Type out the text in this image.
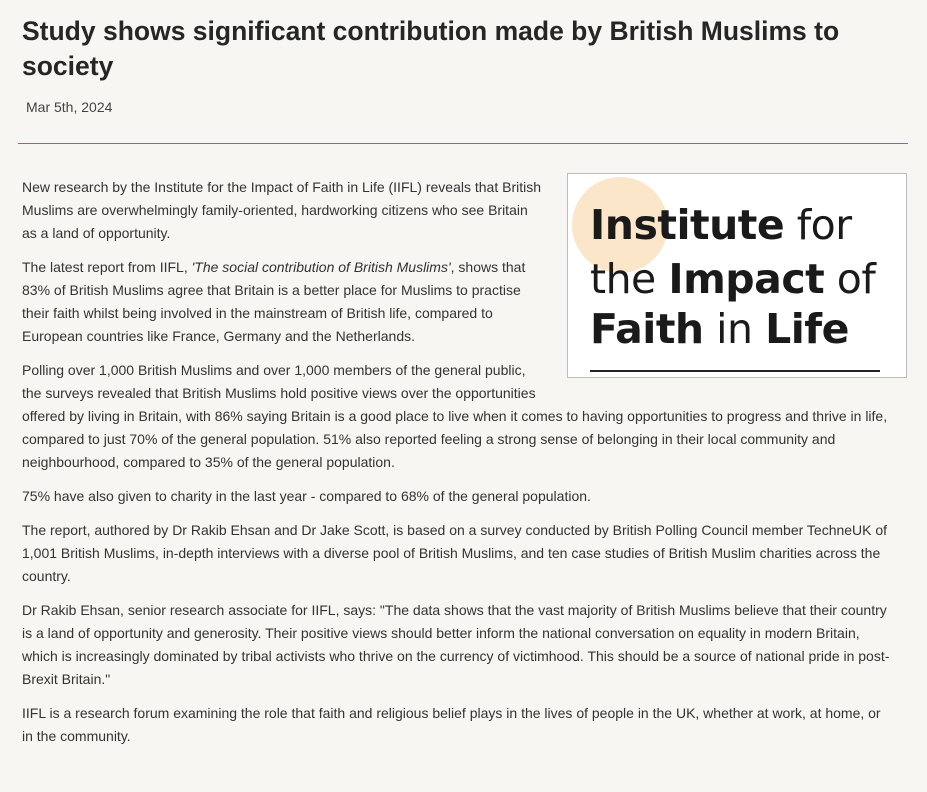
Study shows significant contribution made by British Muslims to society
Mar 5th, 2024
Institute for
the Impact of
Faith in Life

New research by the Institute for the Impact of Faith in Life (IIFL) reveals that British Muslims are overwhelmingly family-oriented, hardworking citizens who see Britain as a land of opportunity.

The latest report from IIFL, 'The social contribution of British Muslims', shows that 83% of British Muslims agree that Britain is a better place for Muslims to practise their faith whilst being involved in the mainstream of British life, compared to European countries like France, Germany and the Netherlands.

Polling over 1,000 British Muslims and over 1,000 members of the general public, the surveys revealed that British Muslims hold positive views over the opportunities offered by living in Britain, with 86% saying Britain is a good place to live when it comes to having opportunities to progress and thrive in life, compared to just 70% of the general population. 51% also reported feeling a strong sense of belonging in their local community and neighbourhood, compared to 35% of the general population.

75% have also given to charity in the last year - compared to 68% of the general population.

The report, authored by Dr Rakib Ehsan and Dr Jake Scott, is based on a survey conducted by British Polling Council member TechneUK of 1,001 British Muslims, in-depth interviews with a diverse pool of British Muslims, and ten case studies of British Muslim charities across the country.

Dr Rakib Ehsan, senior research associate for IIFL, says: "The data shows that the vast majority of British Muslims believe that their country is a land of opportunity and generosity. Their positive views should better inform the national conversation on equality in modern Britain, which is increasingly dominated by tribal activists who thrive on the currency of victimhood. This should be a source of national pride in post-Brexit Britain."

IIFL is a research forum examining the role that faith and religious belief plays in the lives of people in the UK, whether at work, at home, or in the community.
